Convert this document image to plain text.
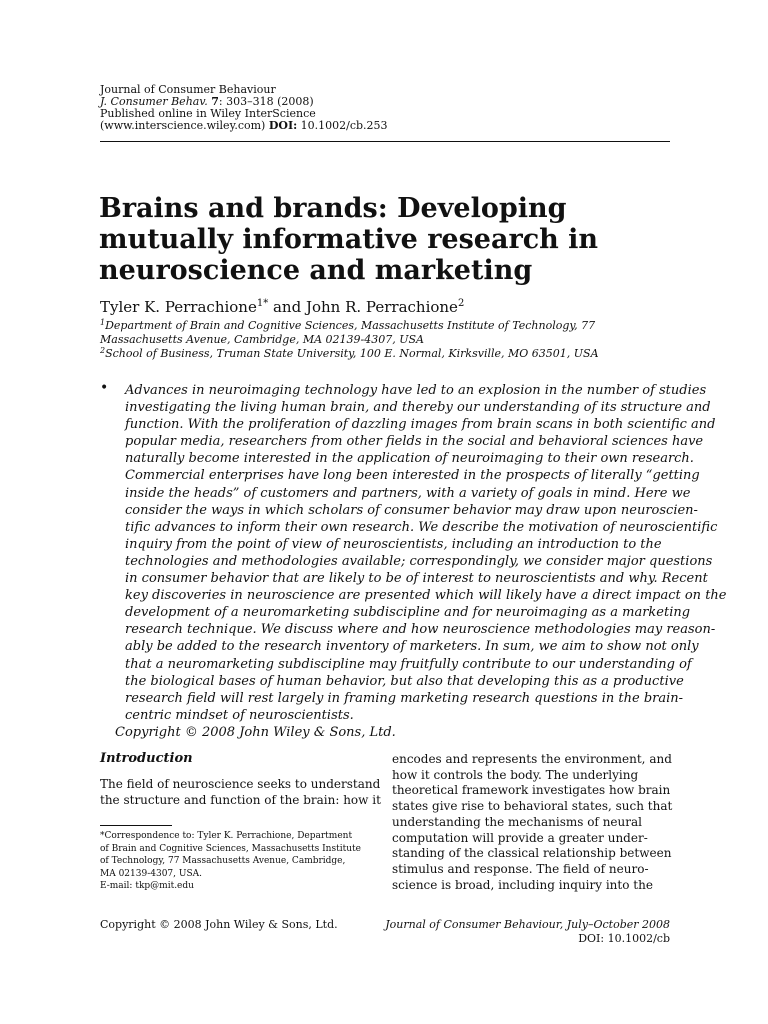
Journal of Consumer Behaviour
J. Consumer Behav. 7: 303–318 (2008)
Published online in Wiley InterScience
(www.interscience.wiley.com) DOI: 10.1002/cb.253
Brains and brands: Developing
mutually informative research in
neuroscience and marketing
Tyler K. Perrachione$^{1*}$ and John R. Perrachione$^2$
$^1$Department of Brain and Cognitive Sciences, Massachusetts Institute of Technology, 77
Massachusetts Avenue, Cambridge, MA 02139-4307, USA
$^2$School of Business, Truman State University, 100 E. Normal, Kirksville, MO 63501, USA
• Advances in neuroimaging technology have led to an explosion in the number of studies
investigating the living human brain, and thereby our understanding of its structure and
function. With the proliferation of dazzling images from brain scans in both scientific and
popular media, researchers from other fields in the social and behavioral sciences have
naturally become interested in the application of neuroimaging to their own research.
Commercial enterprises have long been interested in the prospects of literally “getting
inside the heads” of customers and partners, with a variety of goals in mind. Here we
consider the ways in which scholars of consumer behavior may draw upon neuroscien-
tific advances to inform their own research. We describe the motivation of neuroscientific
inquiry from the point of view of neuroscientists, including an introduction to the
technologies and methodologies available; correspondingly, we consider major questions
in consumer behavior that are likely to be of interest to neuroscientists and why. Recent
key discoveries in neuroscience are presented which will likely have a direct impact on the
development of a neuromarketing subdiscipline and for neuroimaging as a marketing
research technique. We discuss where and how neuroscience methodologies may reason-
ably be added to the research inventory of marketers. In sum, we aim to show not only
that a neuromarketing subdiscipline may fruitfully contribute to our understanding of
the biological bases of human behavior, but also that developing this as a productive
research field will rest largely in framing marketing research questions in the brain-
centric mindset of neuroscientists.
Copyright © 2008 John Wiley & Sons, Ltd.
Introduction

The field of neuroscience seeks to understand
the structure and function of the brain: how it

*Correspondence to: Tyler K. Perrachione, Department
of Brain and Cognitive Sciences, Massachusetts Institute
of Technology, 77 Massachusetts Avenue, Cambridge,
MA 02139-4307, USA.
E-mail: tkp@mit.edu
encodes and represents the environment, and
how it controls the body. The underlying
theoretical framework investigates how brain
states give rise to behavioral states, such that
understanding the mechanisms of neural
computation will provide a greater under-
standing of the classical relationship between
stimulus and response. The field of neuro-
science is broad, including inquiry into the
Copyright © 2008 John Wiley & Sons, Ltd.	Journal of Consumer Behaviour, July–October 2008
DOI: 10.1002/cb
